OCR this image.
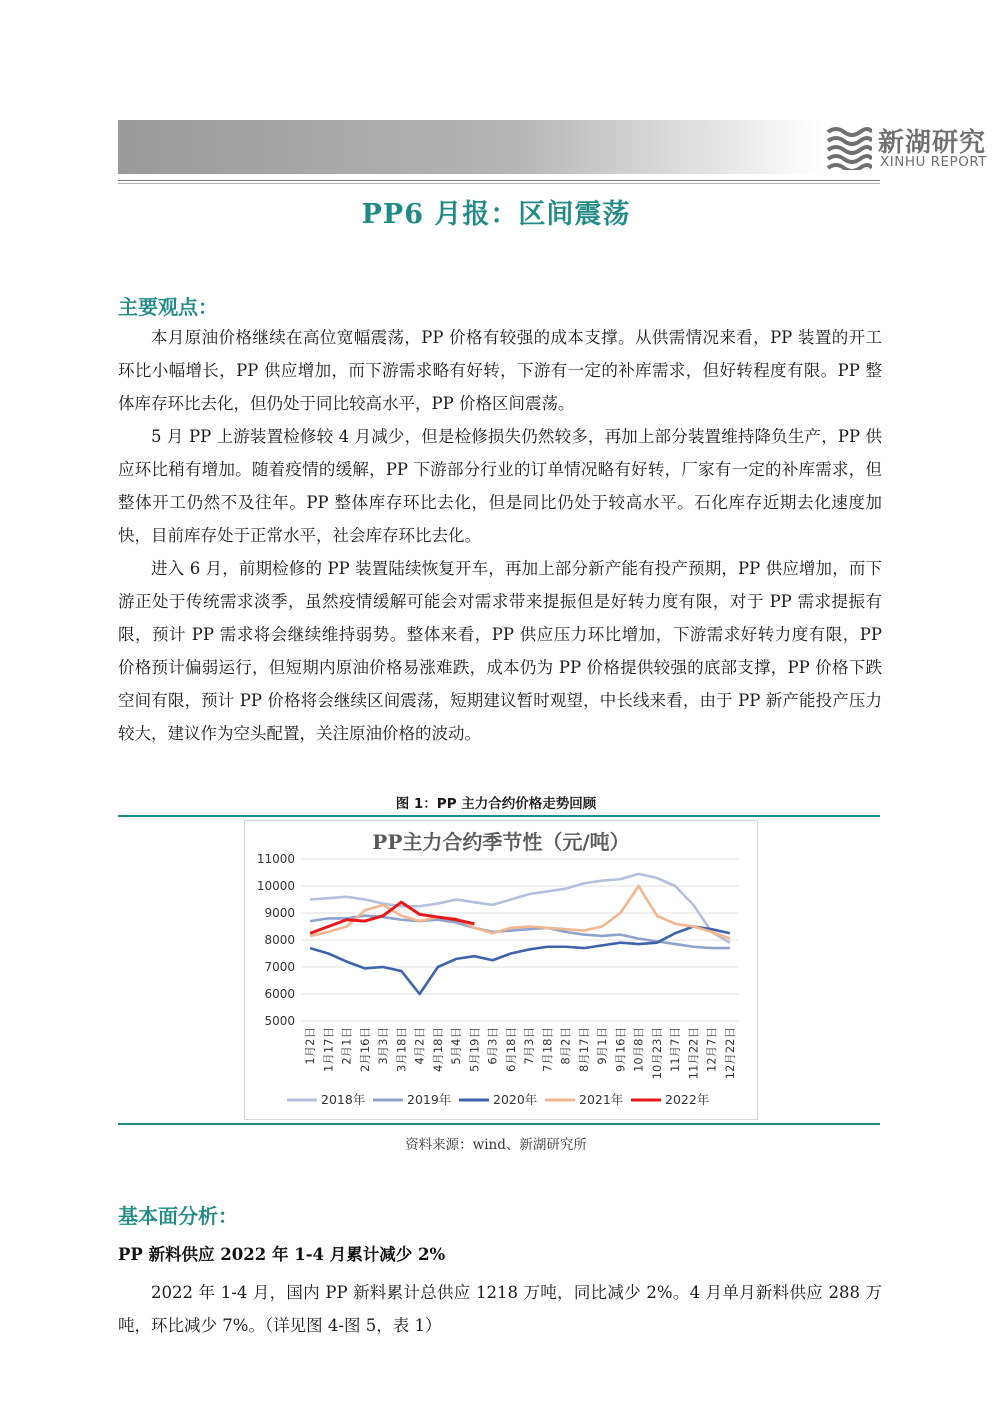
新湖研究
XINHU REPORT
PP6 月报：区间震荡
主要观点：

本月原油价格继续在高位宽幅震荡，PP 价格有较强的成本支撑。从供需情况来看，PP 装置的开工环比小幅增长，PP 供应增加，而下游需求略有好转，下游有一定的补库需求，但好转程度有限。PP 整体库存环比去化，但仍处于同比较高水平，PP 价格区间震荡。

5 月 PP 上游装置检修较 4 月减少，但是检修损失仍然较多，再加上部分装置维持降负生产，PP 供应环比稍有增加。随着疫情的缓解，PP 下游部分行业的订单情况略有好转，厂家有一定的补库需求，但整体开工仍然不及往年。PP 整体库存环比去化，但是同比仍处于较高水平。石化库存近期去化速度加快，目前库存处于正常水平，社会库存环比去化。

进入 6 月，前期检修的 PP 装置陆续恢复开车，再加上部分新产能有投产预期，PP 供应增加，而下游正处于传统需求淡季，虽然疫情缓解可能会对需求带来提振但是好转力度有限，对于 PP 需求提振有限，预计 PP 需求将会继续维持弱势。整体来看，PP 供应压力环比增加，下游需求好转力度有限，PP 价格预计偏弱运行，但短期内原油价格易涨难跌，成本仍为 PP 价格提供较强的底部支撑，PP 价格下跌空间有限，预计 PP 价格将会继续区间震荡，短期建议暂时观望，中长线来看，由于 PP 新产能投产压力较大，建议作为空头配置，关注原油价格的波动。

图 1：PP 主力合约价格走势回顾
PP主力合约季节性（元/吨）
11000
10000
9000
8000
7000
6000
5000
1月2日 1月17日 2月1日 2月16日 3月3日 3月18日 4月2日 4月18日 5月4日 5月19日 6月3日 6月18日 7月3日 7月18日 8月2日 8月17日 9月1日 9月16日 10月8日 10月23日 11月7日 11月22日 12月7日 12月22日
2018年	2019年	2020年	2021年	2022年
资料来源：wind、新湖研究所
基本面分析：
PP 新料供应 2022 年 1-4 月累计减少 2%

2022 年 1-4 月，国内 PP 新料累计总供应 1218 万吨，同比减少 2%。4 月单月新料供应 288 万吨，环比减少 7%。（详见图 4-图 5，表 1）
